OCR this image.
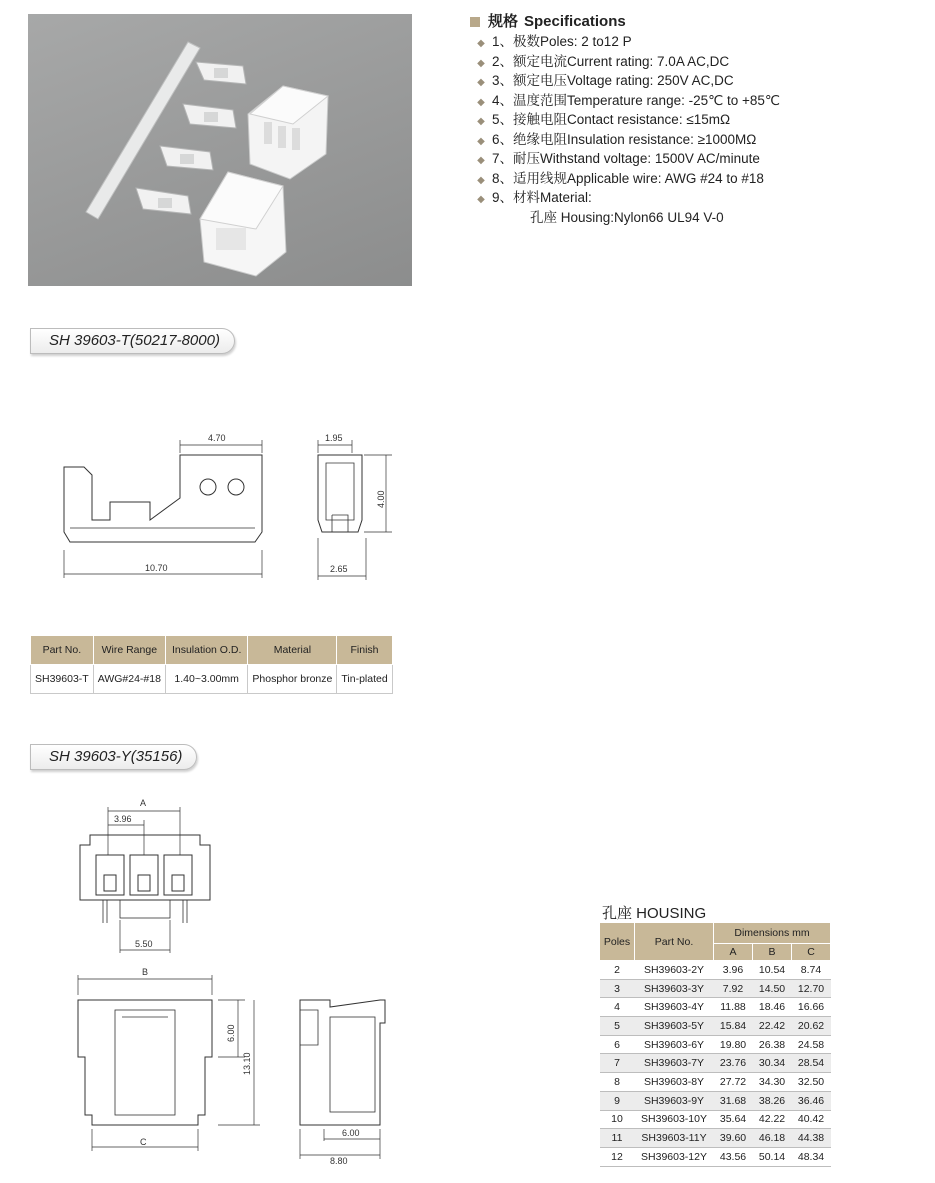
规格 Specifications
◆ 1、极数Poles: 2 to12 P
◆ 2、额定电流Current rating: 7.0A AC,DC
◆ 3、额定电压Voltage rating: 250V AC,DC
◆ 4、温度范围Temperature range: -25℃ to +85℃
◆ 5、接触电阻Contact resistance: ≤15mΩ
◆ 6、绝缘电阻Insulation resistance: ≥1000MΩ
◆ 7、耐压Withstand voltage: 1500V AC/minute
◆ 8、适用线规Applicable wire: AWG #24 to #18
◆ 9、材料Material:
孔座 Housing:Nylon66 UL94 V-0
SH 39603-T(50217-8000)
4.70
10.70
1.95
2.65
4.00
Part No.	Wire Range	Insulation O.D.	Material	Finish
SH39603-T	AWG#24-#18	1.40~3.00mm	Phosphor bronze	Tin-plated
SH 39603-Y(35156)
A
3.96
5.50
B
6.00
13.10
C
6.00
8.80
孔座 HOUSING
Poles	Part No.	Dimensions mm		
		A	B	C
2	SH39603-2Y	3.96	10.54	8.74
3	SH39603-3Y	7.92	14.50	12.70
4	SH39603-4Y	11.88	18.46	16.66
5	SH39603-5Y	15.84	22.42	20.62
6	SH39603-6Y	19.80	26.38	24.58
7	SH39603-7Y	23.76	30.34	28.54
8	SH39603-8Y	27.72	34.30	32.50
9	SH39603-9Y	31.68	38.26	36.46
10	SH39603-10Y	35.64	42.22	40.42
11	SH39603-11Y	39.60	46.18	44.38
12	SH39603-12Y	43.56	50.14	48.34
